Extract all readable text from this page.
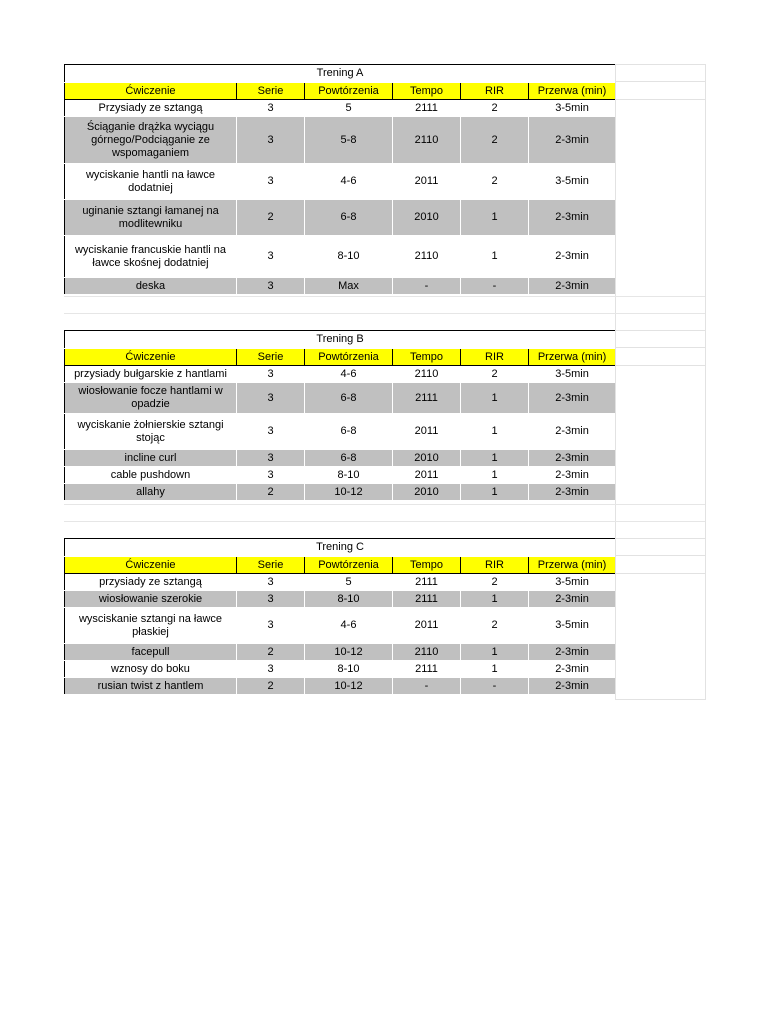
Trening A					
Ćwiczenie	Serie	Powtórzenia	Tempo	RIR	Przerwa (min)
Przysiady ze sztangą	3	5	2111	2	3-5min
Ściąganie drążka wyciągu górnego/Podciąganie ze wspomaganiem	3	5-8	2110	2	2-3min
wyciskanie hantli na ławce dodatniej	3	4-6	2011	2	3-5min
uginanie sztangi łamanej na modlitewniku	2	6-8	2010	1	2-3min
wyciskanie francuskie hantli na ławce skośnej dodatniej	3	8-10	2110	1	2-3min
deska	3	Max	-	-	2-3min
Trening B					
Ćwiczenie	Serie	Powtórzenia	Tempo	RIR	Przerwa (min)
przysiady bułgarskie z hantlami	3	4-6	2110	2	3-5min
wiosłowanie focze hantlami w opadzie	3	6-8	2111	1	2-3min
wyciskanie żołnierskie sztangi stojąc	3	6-8	2011	1	2-3min
incline curl	3	6-8	2010	1	2-3min
cable pushdown	3	8-10	2011	1	2-3min
allahy	2	10-12	2010	1	2-3min
Trening C					
Ćwiczenie	Serie	Powtórzenia	Tempo	RIR	Przerwa (min)
przysiady ze sztangą	3	5	2111	2	3-5min
wiosłowanie szerokie	3	8-10	2111	1	2-3min
wysciskanie sztangi na ławce płaskiej	3	4-6	2011	2	3-5min
facepull	2	10-12	2110	1	2-3min
wznosy do boku	3	8-10	2111	1	2-3min
rusian twist z hantlem	2	10-12	-	-	2-3min
